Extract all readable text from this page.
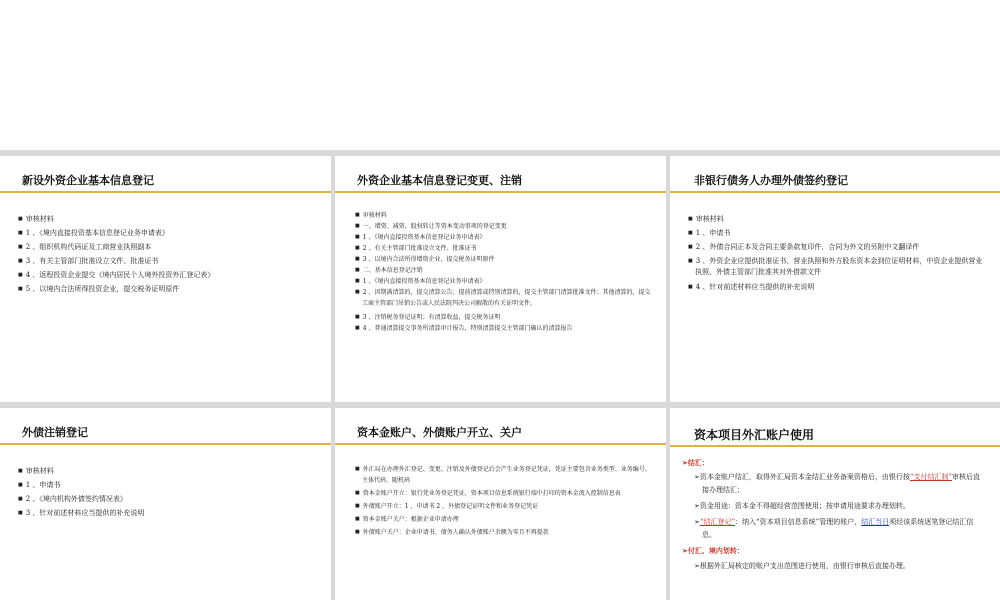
新设外资企业基本信息登记
■ 审核材料
■ 1 、《境内直接投资基本信息登记业务申请表》
■ 2 、组织机构代码证及工商营业执照副本
■ 3 、有关主管部门批准设立文件、批准证书
■ 4 、返程投资企业提交《境内居民个人境外投资外汇登记表》
■ 5 、以境内合法所得投资企业，提交税务证明原件
外资企业基本信息登记变更、注销
■ 审核材料
■ 一、增资、减资、股权转让等资本变动事项的登记变更
■ 1 、《境内直接投资基本信息登记业务申请表》
■ 2 、有关主管部门批准设立文件、批准证书
■ 3 、以境内合法所得增资企业，提交税务证明原件
■ 二、基本信息登记注销
■ 1 、《境内直接投资基本信息登记业务申请表》
■ 2 、因期满清算的，提交清算公告；提前清算或特别清算的，提交主管部门清算批准文件；其他清算的，提交工商主管部门吊销公告或人民法院判决公司解散的有关证明文件。
■ 3 、注销税务登记证明；有清算收益，提交税务证明
■ 4 、普通清算提交事务所清算审计报告，特别清算提交主管部门确认的清算报告
非银行债务人办理外债签约登记
■ 审核材料
■ 1 、申请书
■ 2 、外债合同正本及合同主要条款复印件，合同为外文的另附中文翻译件
■ 3 、外资企业应提供批准证书、营业执照和外方股东资本金到位证明材料，中资企业提供营业执照、外债主管部门批准其对外借款文件
■ 4 、针对前述材料应当提供的补充说明
外债注销登记
■ 审核材料
■ 1 、申请书
■ 2 、《境内机构外债签约情况表》
■ 3 、针对前述材料应当提供的补充说明
资本金账户、外债账户开立、关户
■ 外汇局在办理外汇登记、变更、注销及外债登记后会产生业务登记凭证，凭证主要包含业务类型、业务编号、主体代码、随机码
■ 资本金账户开立：银行凭业务登记凭证，资本项目信息系统银行端中打印的资本金流入控制信息表
■ 外债账户开立：1 、申请书 2 、外债登记证明文件和业务登记凭证
■ 资本金账户关户：根据企业申请办理
■ 外债账户关户：企业申请书、债务人确认外债账户余额为零且不再提款
资本项目外汇账户使用
➢结汇：
➢资本金账户结汇，取得外汇局资本金结汇业务备案资格后，由银行按“支付结汇制”审核后直接办理结汇；
➢资金用途：资本金不得超经营范围使用；按申请用途要求办理划转。
➢“结汇登记”：纳入“资本项目信息系统”管理的账户，结汇当日须经该系统逐笔登记结汇信息。
➢付汇、境内划转：
➢根据外汇局核定的账户支出范围进行使用，由银行审核后直接办理。
